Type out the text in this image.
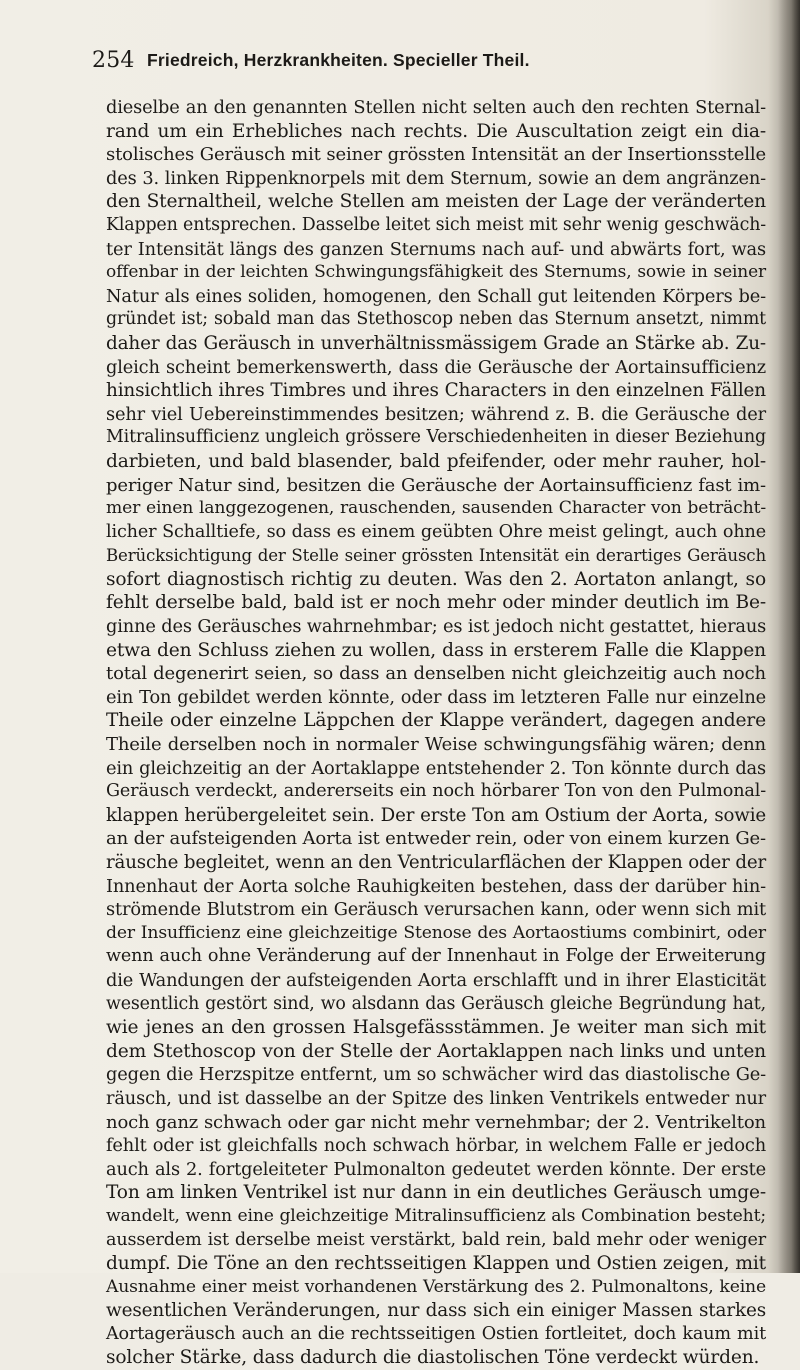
254 Friedreich, Herzkrankheiten. Specieller Theil.
dieselbe an den genannten Stellen nicht selten auch den rechten Sternal-
rand um ein Erhebliches nach rechts. Die Auscultation zeigt ein dia-
stolisches Geräusch mit seiner grössten Intensität an der Insertionsstelle
des 3. linken Rippenknorpels mit dem Sternum, sowie an dem angränzen-
den Sternaltheil, welche Stellen am meisten der Lage der veränderten
Klappen entsprechen. Dasselbe leitet sich meist mit sehr wenig geschwäch-
ter Intensität längs des ganzen Sternums nach auf- und abwärts fort, was
offenbar in der leichten Schwingungsfähigkeit des Sternums, sowie in seiner
Natur als eines soliden, homogenen, den Schall gut leitenden Körpers be-
gründet ist; sobald man das Stethoscop neben das Sternum ansetzt, nimmt
daher das Geräusch in unverhältnissmässigem Grade an Stärke ab. Zu-
gleich scheint bemerkenswerth, dass die Geräusche der Aortainsufficienz
hinsichtlich ihres Timbres und ihres Characters in den einzelnen Fällen
sehr viel Uebereinstimmendes besitzen; während z. B. die Geräusche der
Mitralinsufficienz ungleich grössere Verschiedenheiten in dieser Beziehung
darbieten, und bald blasender, bald pfeifender, oder mehr rauher, hol-
periger Natur sind, besitzen die Geräusche der Aortainsufficienz fast im-
mer einen langgezogenen, rauschenden, sausenden Character von beträcht-
licher Schalltiefe, so dass es einem geübten Ohre meist gelingt, auch ohne
Berücksichtigung der Stelle seiner grössten Intensität ein derartiges Geräusch
sofort diagnostisch richtig zu deuten. Was den 2. Aortaton anlangt, so
fehlt derselbe bald, bald ist er noch mehr oder minder deutlich im Be-
ginne des Geräusches wahrnehmbar; es ist jedoch nicht gestattet, hieraus
etwa den Schluss ziehen zu wollen, dass in ersterem Falle die Klappen
total degenerirt seien, so dass an denselben nicht gleichzeitig auch noch
ein Ton gebildet werden könnte, oder dass im letzteren Falle nur einzelne
Theile oder einzelne Läppchen der Klappe verändert, dagegen andere
Theile derselben noch in normaler Weise schwingungsfähig wären; denn
ein gleichzeitig an der Aortaklappe entstehender 2. Ton könnte durch das
Geräusch verdeckt, andererseits ein noch hörbarer Ton von den Pulmonal-
klappen herübergeleitet sein. Der erste Ton am Ostium der Aorta, sowie
an der aufsteigenden Aorta ist entweder rein, oder von einem kurzen Ge-
räusche begleitet, wenn an den Ventricularflächen der Klappen oder der
Innenhaut der Aorta solche Rauhigkeiten bestehen, dass der darüber hin-
strömende Blutstrom ein Geräusch verursachen kann, oder wenn sich mit
der Insufficienz eine gleichzeitige Stenose des Aortaostiums combinirt, oder
wenn auch ohne Veränderung auf der Innenhaut in Folge der Erweiterung
die Wandungen der aufsteigenden Aorta erschlafft und in ihrer Elasticität
wesentlich gestört sind, wo alsdann das Geräusch gleiche Begründung hat,
wie jenes an den grossen Halsgefässstämmen. Je weiter man sich mit
dem Stethoscop von der Stelle der Aortaklappen nach links und unten
gegen die Herzspitze entfernt, um so schwächer wird das diastolische Ge-
räusch, und ist dasselbe an der Spitze des linken Ventrikels entweder nur
noch ganz schwach oder gar nicht mehr vernehmbar; der 2. Ventrikelton
fehlt oder ist gleichfalls noch schwach hörbar, in welchem Falle er jedoch
auch als 2. fortgeleiteter Pulmonalton gedeutet werden könnte. Der erste
Ton am linken Ventrikel ist nur dann in ein deutliches Geräusch umge-
wandelt, wenn eine gleichzeitige Mitralinsufficienz als Combination besteht;
ausserdem ist derselbe meist verstärkt, bald rein, bald mehr oder weniger
dumpf. Die Töne an den rechtsseitigen Klappen und Ostien zeigen, mit
Ausnahme einer meist vorhandenen Verstärkung des 2. Pulmonaltons, keine
wesentlichen Veränderungen, nur dass sich ein einiger Massen starkes
Aortageräusch auch an die rechtsseitigen Ostien fortleitet, doch kaum mit
solcher Stärke, dass dadurch die diastolischen Töne verdeckt würden.
